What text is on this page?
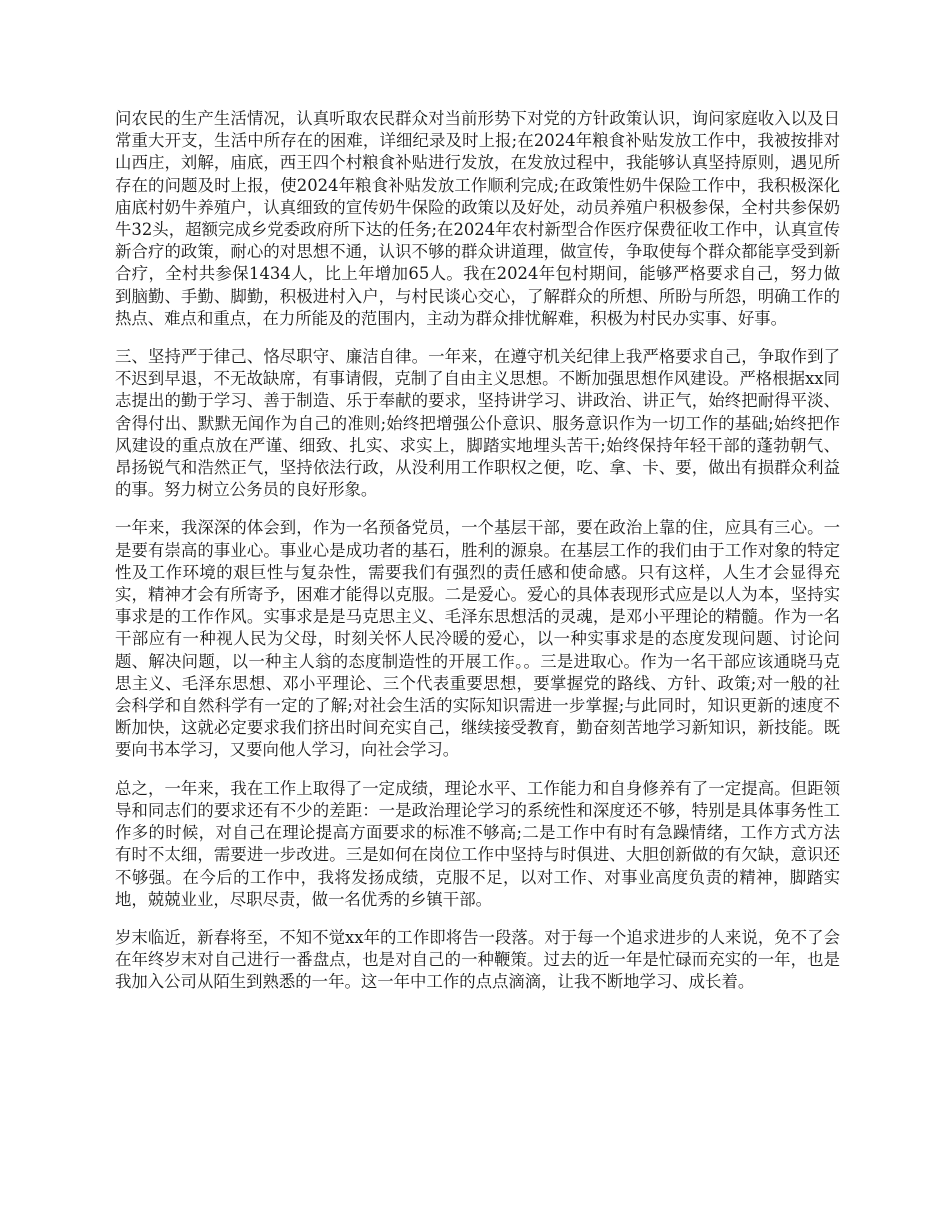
问农民的生产生活情况，认真听取农民群众对当前形势下对党的方针政策认识，询问家庭收入以及日常重大开支，生活中所存在的困难，详细纪录及时上报;在2024年粮食补贴发放工作中，我被按排对山西庄，刘解，庙底，西王四个村粮食补贴进行发放，在发放过程中，我能够认真坚持原则，遇见所存在的问题及时上报，使2024年粮食补贴发放工作顺利完成;在政策性奶牛保险工作中，我积极深化庙底村奶牛养殖户，认真细致的宣传奶牛保险的政策以及好处，动员养殖户积极参保，全村共参保奶牛32头，超额完成乡党委政府所下达的任务;在2024年农村新型合作医疗保费征收工作中，认真宣传新合疗的政策，耐心的对思想不通，认识不够的群众讲道理，做宣传，争取使每个群众都能享受到新合疗，全村共参保1434人，比上年增加65人。我在2024年包村期间，能够严格要求自己，努力做到脑勤、手勤、脚勤，积极进村入户，与村民谈心交心，了解群众的所想、所盼与所怨，明确工作的热点、难点和重点，在力所能及的范围内，主动为群众排忧解难，积极为村民办实事、好事。

三、坚持严于律己、恪尽职守、廉洁自律。一年来，在遵守机关纪律上我严格要求自己，争取作到了不迟到早退，不无故缺席，有事请假，克制了自由主义思想。不断加强思想作风建设。严格根据xx同志提出的勤于学习、善于制造、乐于奉献的要求，坚持讲学习、讲政治、讲正气，始终把耐得平淡、舍得付出、默默无闻作为自己的准则;始终把增强公仆意识、服务意识作为一切工作的基础;始终把作风建设的重点放在严谨、细致、扎实、求实上，脚踏实地埋头苦干;始终保持年轻干部的蓬勃朝气、昂扬锐气和浩然正气，坚持依法行政，从没利用工作职权之便，吃、拿、卡、要，做出有损群众利益的事。努力树立公务员的良好形象。

一年来，我深深的体会到，作为一名预备党员，一个基层干部，要在政治上靠的住，应具有三心。一是要有崇高的事业心。事业心是成功者的基石，胜利的源泉。在基层工作的我们由于工作对象的特定性及工作环境的艰巨性与复杂性，需要我们有强烈的责任感和使命感。只有这样，人生才会显得充实，精神才会有所寄予，困难才能得以克服。二是爱心。爱心的具体表现形式应是以人为本，坚持实事求是的工作作风。实事求是是马克思主义、毛泽东思想活的灵魂，是邓小平理论的精髓。作为一名干部应有一种视人民为父母，时刻关怀人民冷暖的爱心，以一种实事求是的态度发现问题、讨论问题、解决问题，以一种主人翁的态度制造性的开展工作。。三是进取心。作为一名干部应该通晓马克思主义、毛泽东思想、邓小平理论、三个代表重要思想，要掌握党的路线、方针、政策;对一般的社会科学和自然科学有一定的了解;对社会生活的实际知识需进一步掌握;与此同时，知识更新的速度不断加快，这就必定要求我们挤出时间充实自己，继续接受教育，勤奋刻苦地学习新知识，新技能。既要向书本学习，又要向他人学习，向社会学习。

总之，一年来，我在工作上取得了一定成绩，理论水平、工作能力和自身修养有了一定提高。但距领导和同志们的要求还有不少的差距：一是政治理论学习的系统性和深度还不够，特别是具体事务性工作多的时候，对自己在理论提高方面要求的标准不够高;二是工作中有时有急躁情绪，工作方式方法有时不太细，需要进一步改进。三是如何在岗位工作中坚持与时俱进、大胆创新做的有欠缺，意识还不够强。在今后的工作中，我将发扬成绩，克服不足，以对工作、对事业高度负责的精神，脚踏实地，兢兢业业，尽职尽责，做一名优秀的乡镇干部。

岁末临近，新春将至，不知不觉xx年的工作即将告一段落。对于每一个追求进步的人来说，免不了会在年终岁末对自己进行一番盘点，也是对自己的一种鞭策。过去的近一年是忙碌而充实的一年，也是我加入公司从陌生到熟悉的一年。这一年中工作的点点滴滴，让我不断地学习、成长着。
